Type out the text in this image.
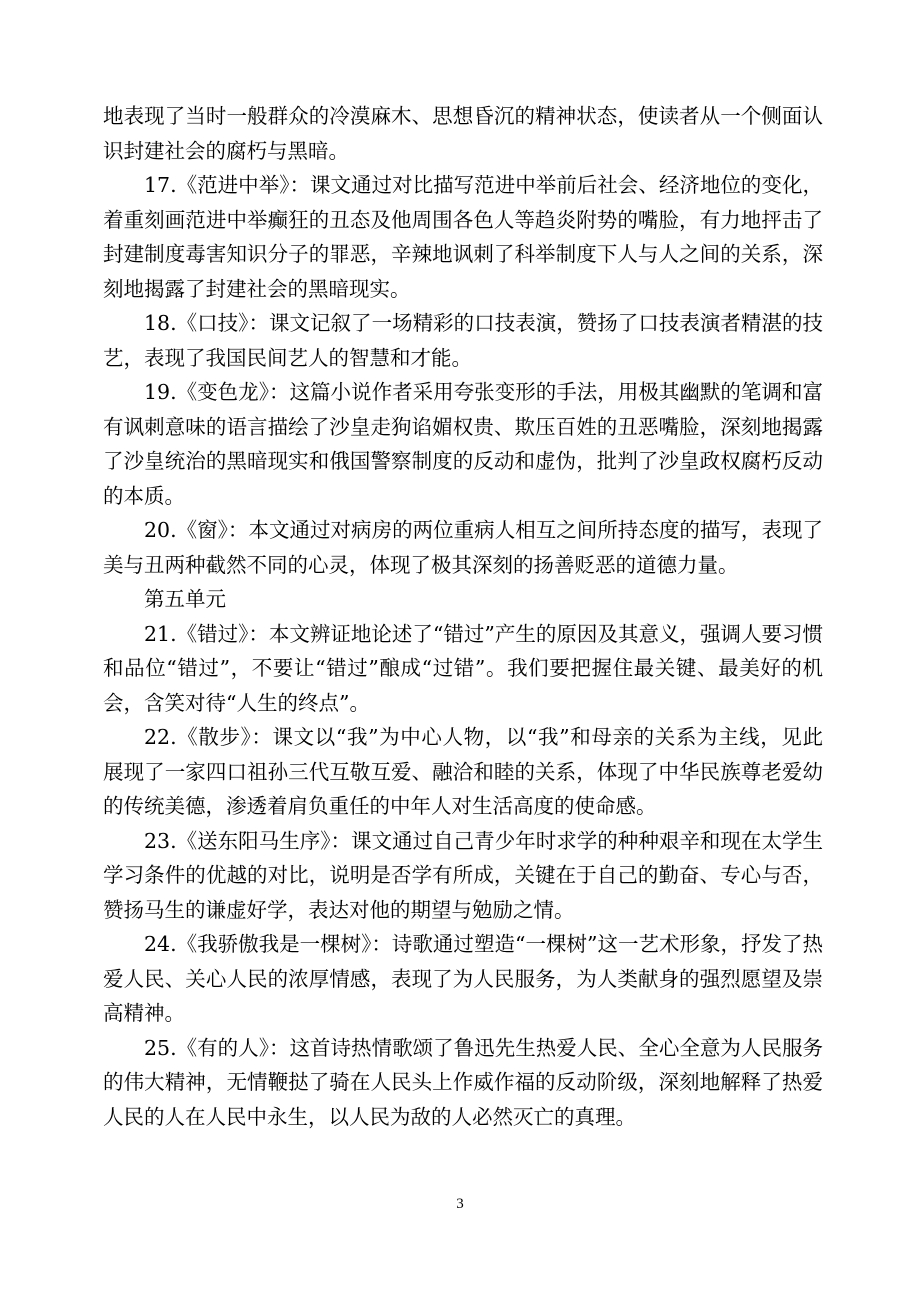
地表现了当时一般群众的冷漠麻木、思想昏沉的精神状态，使读者从一个侧面认识封建社会的腐朽与黑暗。

17.《范进中举》：课文通过对比描写范进中举前后社会、经济地位的变化，着重刻画范进中举癫狂的丑态及他周围各色人等趋炎附势的嘴脸，有力地抨击了封建制度毒害知识分子的罪恶，辛辣地讽刺了科举制度下人与人之间的关系，深刻地揭露了封建社会的黑暗现实。

18.《口技》：课文记叙了一场精彩的口技表演，赞扬了口技表演者精湛的技艺，表现了我国民间艺人的智慧和才能。

19.《变色龙》：这篇小说作者采用夸张变形的手法，用极其幽默的笔调和富有讽刺意味的语言描绘了沙皇走狗谄媚权贵、欺压百姓的丑恶嘴脸，深刻地揭露了沙皇统治的黑暗现实和俄国警察制度的反动和虚伪，批判了沙皇政权腐朽反动的本质。

20.《窗》：本文通过对病房的两位重病人相互之间所持态度的描写，表现了美与丑两种截然不同的心灵，体现了极其深刻的扬善贬恶的道德力量。

第五单元

21.《错过》：本文辨证地论述了“错过”产生的原因及其意义，强调人要习惯和品位“错过”，不要让“错过”酿成“过错”。我们要把握住最关键、最美好的机会，含笑对待“人生的终点”。

22.《散步》：课文以“我”为中心人物，以“我”和母亲的关系为主线，见此展现了一家四口祖孙三代互敬互爱、融洽和睦的关系，体现了中华民族尊老爱幼的传统美德，渗透着肩负重任的中年人对生活高度的使命感。

23.《送东阳马生序》：课文通过自己青少年时求学的种种艰辛和现在太学生学习条件的优越的对比，说明是否学有所成，关键在于自己的勤奋、专心与否，赞扬马生的谦虚好学，表达对他的期望与勉励之情。

24.《我骄傲我是一棵树》：诗歌通过塑造“一棵树”这一艺术形象，抒发了热爱人民、关心人民的浓厚情感，表现了为人民服务，为人类献身的强烈愿望及崇高精神。

25.《有的人》：这首诗热情歌颂了鲁迅先生热爱人民、全心全意为人民服务的伟大精神，无情鞭挞了骑在人民头上作威作福的反动阶级，深刻地解释了热爱人民的人在人民中永生，以人民为敌的人必然灭亡的真理。

3
